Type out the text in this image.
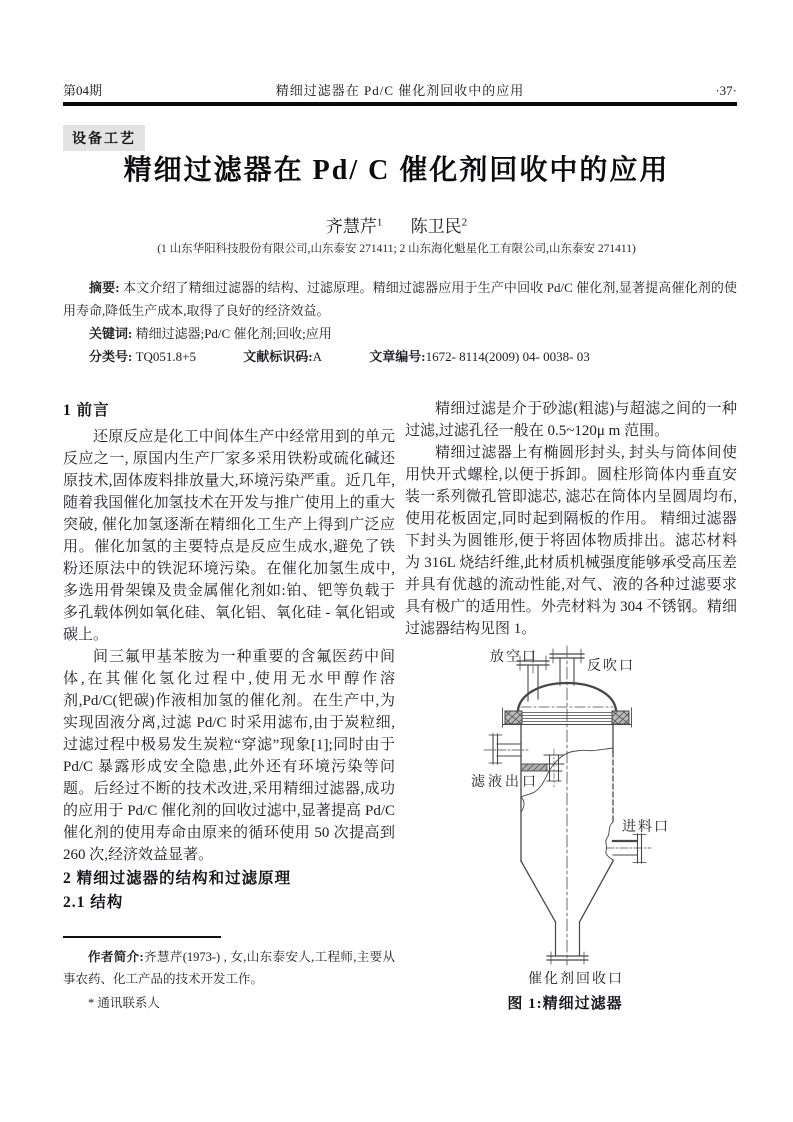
第04期	精细过滤器在 Pd/C 催化剂回收中的应用	·37·
设备工艺
精细过滤器在 Pd/ C 催化剂回收中的应用
齐慧芹$^1$ 陈卫民$^2$
(1 山东华阳科技股份有限公司,山东泰安 271411; 2 山东海化魁星化工有限公司,山东泰安 271411)

摘要: 本文介绍了精细过滤器的结构、过滤原理。精细过滤器应用于生产中回收 Pd/C 催化剂,显著提高催化剂的使用寿命,降低生产成本,取得了良好的经济效益。

关键词: 精细过滤器;Pd/C 催化剂;回收;应用
分类号: TQ051.8+5	文献标识码:A	文章编号:1672- 8114(2009) 04- 0038- 03
1 前言

还原反应是化工中间体生产中经常用到的单元反应之一, 原国内生产厂家多采用铁粉或硫化碱还原技术,固体废料排放量大,环境污染严重。近几年, 随着我国催化加氢技术在开发与推广使用上的重大突破, 催化加氢逐渐在精细化工生产上得到广泛应用。催化加氢的主要特点是反应生成水,避免了铁粉还原法中的铁泥环境污染。在催化加氢生成中,多选用骨架镍及贵金属催化剂如:铂、钯等负载于多孔载体例如氧化硅、氧化铝、氧化硅 - 氧化铝或碳上。

间三氟甲基苯胺为一种重要的含氟医药中间体,在其催化氢化过程中,使用无水甲醇作溶剂,Pd/C(钯碳)作液相加氢的催化剂。在生产中,为实现固液分离,过滤 Pd/C 时采用滤布,由于炭粒细,过滤过程中极易发生炭粒“穿滤”现象[1];同时由于 Pd/C 暴露形成安全隐患,此外还有环境污染等问题。后经过不断的技术改进,采用精细过滤器,成功的应用于 Pd/C 催化剂的回收过滤中,显著提高 Pd/C 催化剂的使用寿命由原来的循环使用 50 次提高到 260 次,经济效益显著。

2 精细过滤器的结构和过滤原理
2.1 结构

精细过滤是介于砂滤(粗滤)与超滤之间的一种过滤,过滤孔径一般在 0.5~120μ m 范围。

精细过滤器上有椭圆形封头, 封头与筒体间使用快开式螺栓,以便于拆卸。圆柱形筒体内垂直安装一系列微孔管即滤芯, 滤芯在筒体内呈圆周均布,使用花板固定,同时起到隔板的作用。 精细过滤器下封头为圆锥形,便于将固体物质排出。滤芯材料为 316L 烧结纤维,此材质机械强度能够承受高压差并具有优越的流动性能,对气、液的各种过滤要求具有极广的适用性。外壳材料为 304 不锈钢。精细过滤器结构见图 1。

放空口
反吹口
滤液出口
进料口
催化剂回收口
图 1:精细过滤器
作者简介:齐慧芹(1973-) , 女,山东泰安人,工程师,主要从事农药、化工产品的技术开发工作。
* 通讯联系人
